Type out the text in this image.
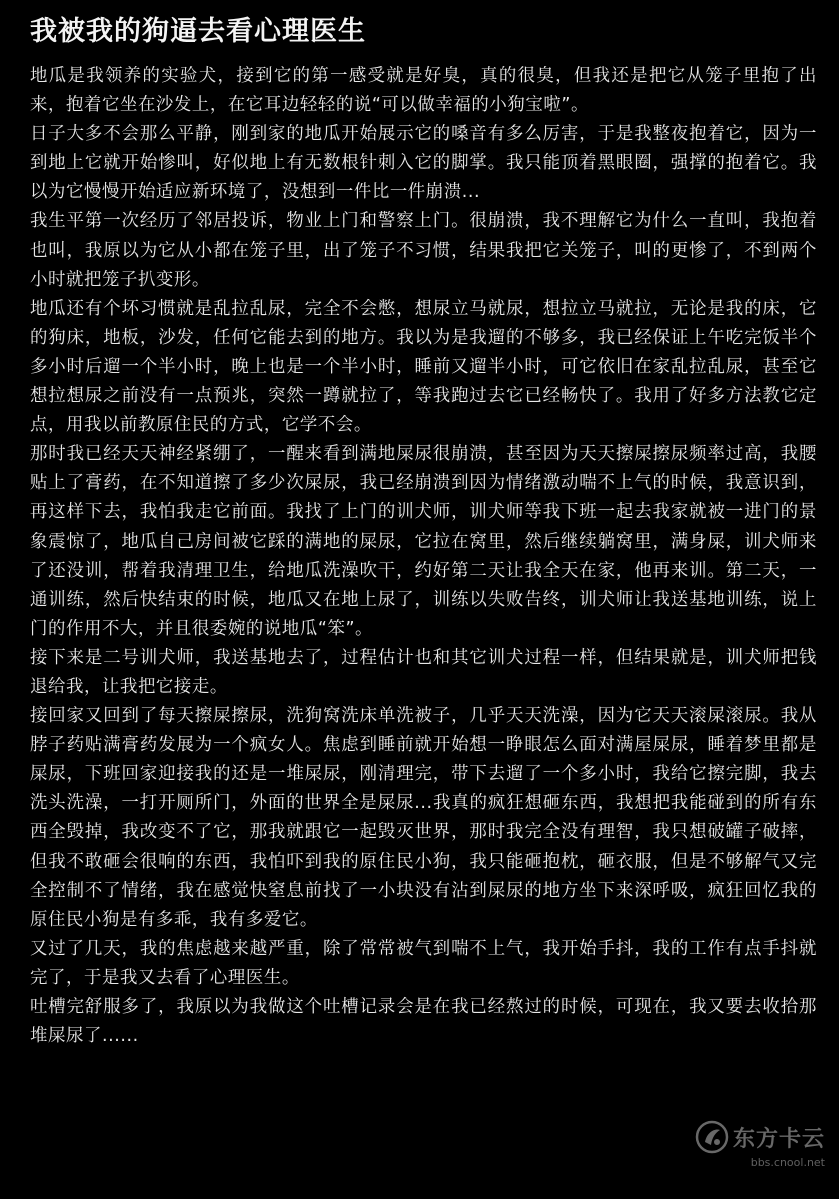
我被我的狗逼去看心理医生

地瓜是我领养的实验犬，接到它的第一感受就是好臭，真的很臭，但我还是把它从笼子里抱了出来，抱着它坐在沙发上，在它耳边轻轻的说“可以做幸福的小狗宝啦”。

日子大多不会那么平静，刚到家的地瓜开始展示它的嗓音有多么厉害，于是我整夜抱着它，因为一到地上它就开始惨叫，好似地上有无数根针刺入它的脚掌。我只能顶着黑眼圈，强撑的抱着它。我以为它慢慢开始适应新环境了，没想到一件比一件崩溃...

我生平第一次经历了邻居投诉，物业上门和警察上门。很崩溃，我不理解它为什么一直叫，我抱着也叫，我原以为它从小都在笼子里，出了笼子不习惯，结果我把它关笼子，叫的更惨了，不到两个小时就把笼子扒变形。

地瓜还有个坏习惯就是乱拉乱尿，完全不会憋，想尿立马就尿，想拉立马就拉，无论是我的床，它的狗床，地板，沙发，任何它能去到的地方。我以为是我遛的不够多，我已经保证上午吃完饭半个多小时后遛一个半小时，晚上也是一个半小时，睡前又遛半小时，可它依旧在家乱拉乱尿，甚至它想拉想尿之前没有一点预兆，突然一蹲就拉了，等我跑过去它已经畅快了。我用了好多方法教它定点，用我以前教原住民的方式，它学不会。

那时我已经天天神经紧绷了，一醒来看到满地屎尿很崩溃，甚至因为天天擦屎擦尿频率过高，我腰贴上了膏药，在不知道擦了多少次屎尿，我已经崩溃到因为情绪激动喘不上气的时候，我意识到，再这样下去，我怕我走它前面。我找了上门的训犬师，训犬师等我下班一起去我家就被一进门的景象震惊了，地瓜自己房间被它踩的满地的屎尿，它拉在窝里，然后继续躺窝里，满身屎，训犬师来了还没训，帮着我清理卫生，给地瓜洗澡吹干，约好第二天让我全天在家，他再来训。第二天，一通训练，然后快结束的时候，地瓜又在地上尿了，训练以失败告终，训犬师让我送基地训练，说上门的作用不大，并且很委婉的说地瓜“笨”。

接下来是二号训犬师，我送基地去了，过程估计也和其它训犬过程一样，但结果就是，训犬师把钱退给我，让我把它接走。

接回家又回到了每天擦屎擦尿，洗狗窝洗床单洗被子，几乎天天洗澡，因为它天天滚屎滚尿。我从脖子药贴满膏药发展为一个疯女人。焦虑到睡前就开始想一睁眼怎么面对满屋屎尿，睡着梦里都是屎尿，下班回家迎接我的还是一堆屎尿，刚清理完，带下去遛了一个多小时，我给它擦完脚，我去洗头洗澡，一打开厕所门，外面的世界全是屎尿...我真的疯狂想砸东西，我想把我能碰到的所有东西全毁掉，我改变不了它，那我就跟它一起毁灭世界，那时我完全没有理智，我只想破罐子破摔，但我不敢砸会很响的东西，我怕吓到我的原住民小狗，我只能砸抱枕，砸衣服，但是不够解气又完全控制不了情绪，我在感觉快窒息前找了一小块没有沾到屎尿的地方坐下来深呼吸，疯狂回忆我的原住民小狗是有多乖，我有多爱它。

又过了几天，我的焦虑越来越严重，除了常常被气到喘不上气，我开始手抖，我的工作有点手抖就完了，于是我又去看了心理医生。

吐槽完舒服多了，我原以为我做这个吐槽记录会是在我已经熬过的时候，可现在，我又要去收拾那堆屎尿了......

东方卡云
bbs.cnool.net
